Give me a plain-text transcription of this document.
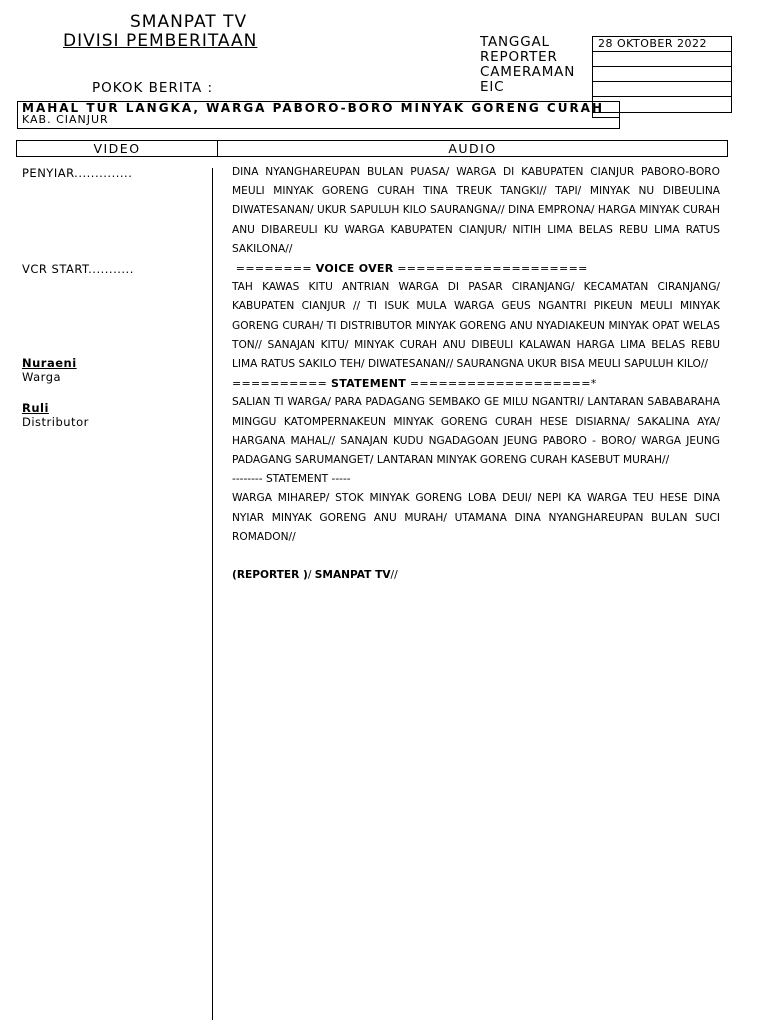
SMANPAT TV
DIVISI PEMBERITAAN	TANGGAL
REPORTER
CAMERAMAN
EIC
28 OKTOBER 2022
POKOK BERITA :
MAHAL TUR LANGKA, WARGA PABORO-BORO MINYAK GORENG CURAH
KAB. CIANJUR
VIDEO	AUDIO
PENYIAR..............
VCR START...........
Nuraeni
Warga
Ruli
Distributor

DINA NYANGHAREUPAN BULAN PUASA/ WARGA DI KABUPATEN CIANJUR PABORO-BORO MEULI MINYAK GORENG CURAH TINA TREUK TANGKI// TAPI/ MINYAK NU DIBEULINA DIWATESANAN/ UKUR SAPULUH KILO SAURANGNA// DINA EMPRONA/ HARGA MINYAK CURAH ANU DIBAREULI KU WARGA KABUPATEN CIANJUR/ NITIH LIMA BELAS REBU LIMA RATUS SAKILONA//

======== VOICE OVER ====================

TAH KAWAS KITU ANTRIAN WARGA DI PASAR CIRANJANG/ KECAMATAN CIRANJANG/ KABUPATEN CIANJUR // TI ISUK MULA WARGA GEUS NGANTRI PIKEUN MEULI MINYAK GORENG CURAH/ TI DISTRIBUTOR MINYAK GORENG ANU NYADIAKEUN MINYAK OPAT WELAS TON// SANAJAN KITU/ MINYAK CURAH ANU DIBEULI KALAWAN HARGA LIMA BELAS REBU LIMA RATUS SAKILO TEH/ DIWATESANAN// SAURANGNA UKUR BISA MEULI SAPULUH KILO//

========== STATEMENT ===================*

SALIAN TI WARGA/ PARA PADAGANG SEMBAKO GE MILU NGANTRI/ LANTARAN SABABARAHA MINGGU KATOMPERNAKEUN MINYAK GORENG CURAH HESE DISIARNA/ SAKALINA AYA/ HARGANA MAHAL// SANAJAN KUDU NGADAGOAN JEUNG PABORO - BORO/ WARGA JEUNG PADAGANG SARUMANGET/ LANTARAN MINYAK GORENG CURAH KASEBUT MURAH//

-------- STATEMENT -----

WARGA MIHAREP/ STOK MINYAK GORENG LOBA DEUI/ NEPI KA WARGA TEU HESE DINA NYIAR MINYAK GORENG ANU MURAH/ UTAMANA DINA NYANGHAREUPAN BULAN SUCI ROMADON//

(REPORTER )/ SMANPAT TV//
